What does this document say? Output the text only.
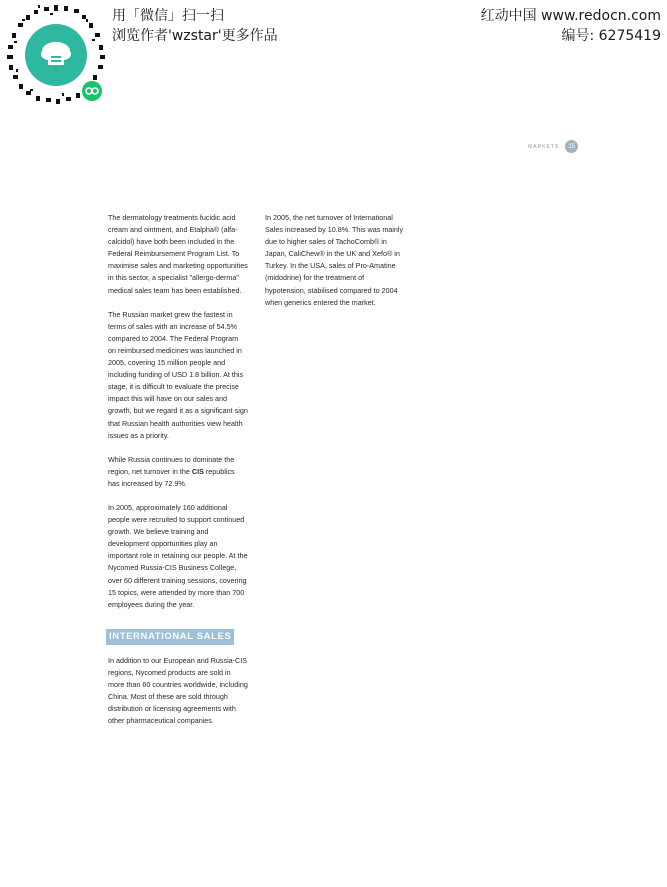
用「微信」扫一扫
浏览作者'wzstar'更多作品
红动中国 www.redocn.com
编号: 6275419
MARKETS	15

The dermatology treatments fucidic acid cream and ointment, and Etalpha® (alfa-calcidol) have both been included in the Federal Reimbursement Program List. To maximise sales and marketing opportunities in this sector, a specialist "allergo-derma" medical sales team has been established.

The Russian market grew the fastest in terms of sales with an increase of 54.5% compared to 2004. The Federal Program on reimbursed medicines was launched in 2005, covering 15 million people and including funding of USD 1.8 billion. At this stage, it is difficult to evaluate the precise impact this will have on our sales and growth, but we regard it as a significant sign that Russian health authorities view health issues as a priority.

While Russia continues to dominate the region, net turnover in the CIS republics has increased by 72.9%.

In 2005, approximately 160 additional people were recruited to support continued growth. We believe training and development opportunities play an important role in retaining our people. At the Nycomed Russia-CIS Business College, over 60 different training sessions, covering 15 topics, were attended by more than 700 employees during the year.

INTERNATIONAL SALES

In addition to our European and Russia-CIS regions, Nycomed products are sold in more than 60 countries worldwide, including China. Most of these are sold through distribution or licensing agreements with other pharmaceutical companies.

In 2005, the net turnover of International Sales increased by 10.8%. This was mainly due to higher sales of TachoComb® in Japan, CaliChew® in the UK and Xefo® in Turkey. In the USA, sales of Pro-Amatine (midodrine) for the treatment of hypotension, stabilised compared to 2004 when generics entered the market.
